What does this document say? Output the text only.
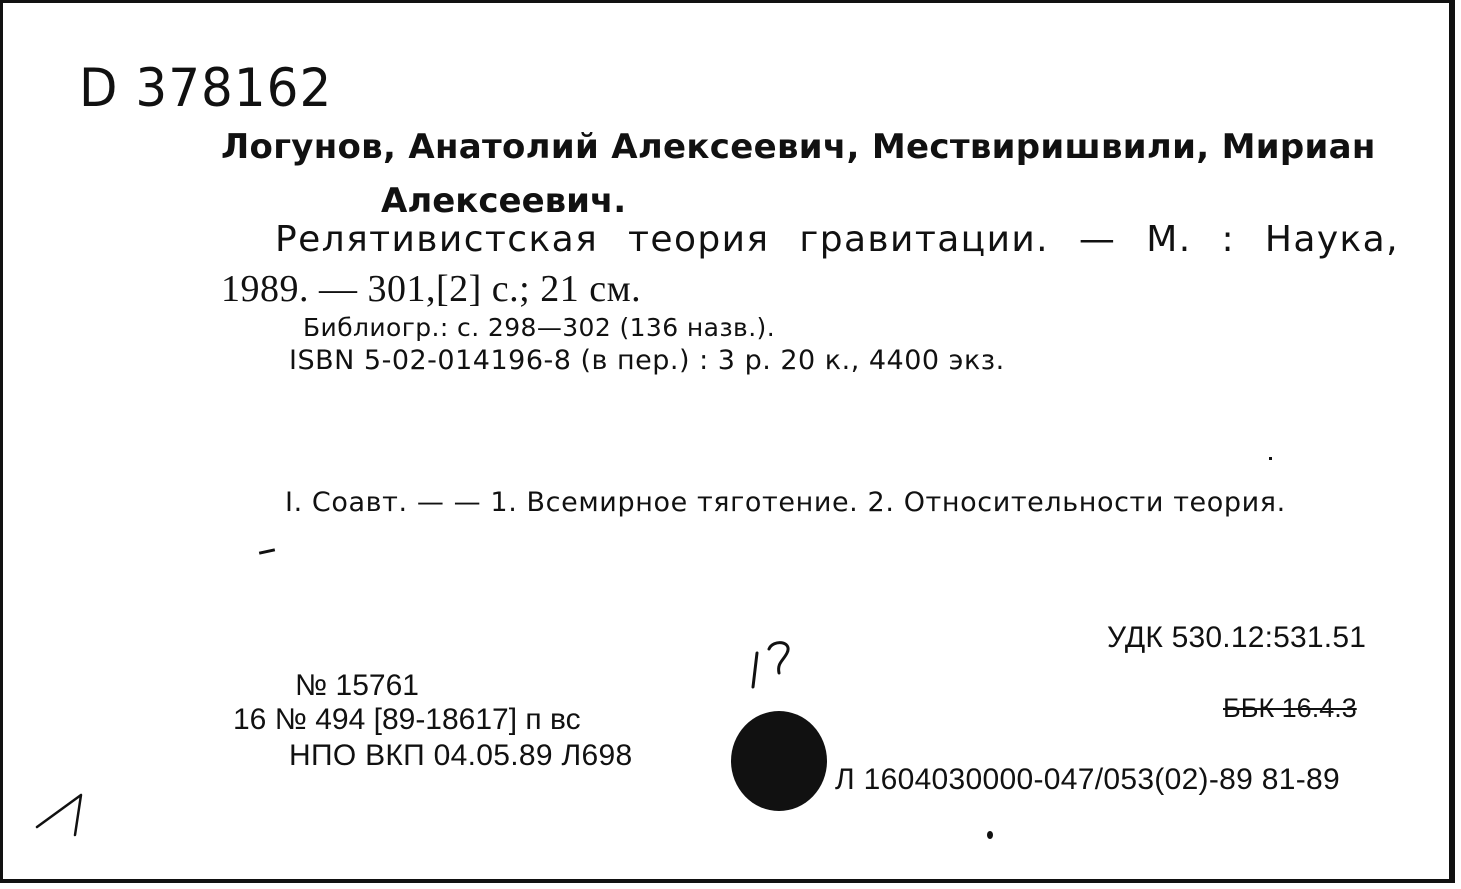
D 378162
Логунов, Анатолий Алексеевич, Мествиришвили, Мириан
Алексеевич.
Релятивистская теория гравитации. — М. : Наука,
1989. — 301,[2] с.; 21 см.
Библиогр.: с. 298—302 (136 назв.).
ISBN 5-02-014196-8 (в пер.) : 3 р. 20 к., 4400 экз.
I. Соавт. — — 1. Всемирное тяготение. 2. Относительности теория.
УДК 530.12:531.51
ББК 16.4.3
№ 15761
16 № 494 [89-18617] п вс
НПО ВКП 04.05.89 Л698
Л 1604030000-047/053(02)-89 81-89
